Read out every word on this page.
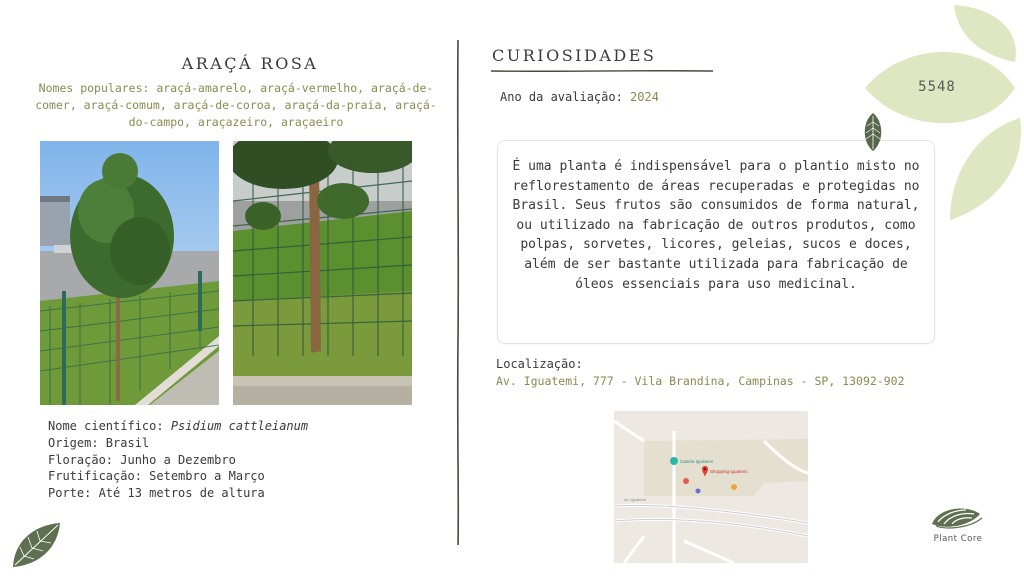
ARAÇÁ ROSA
Nomes populares: araçá-amarelo, araçá-vermelho, araçá-de-comer, araçá-comum, araçá-de-coroa, araçá-da-praia, araçá-do-campo, araçazeiro, araçaeiro
Nome científico: Psidium cattleianum
Origem: Brasil
Floração: Junho a Dezembro
Frutificação: Setembro a Março
Porte: Até 13 metros de altura
CURIOSIDADES
Ano da avaliação: 2024
É uma planta é indispensável para o plantio misto no reflorestamento de áreas recuperadas e protegidas no Brasil. Seus frutos são consumidos de forma natural, ou utilizado na fabricação de outros produtos, como polpas, sorvetes, licores, geleias, sucos e doces, além de ser bastante utilizada para fabricação de óleos essenciais para uso medicinal.
Localização:
Av. Iguatemi, 777 - Vila Brandina, Campinas - SP, 13092-902
Galeria Iguatemi
Shopping Iguatemi
Av. Iguatemi
5548
Plant Core
